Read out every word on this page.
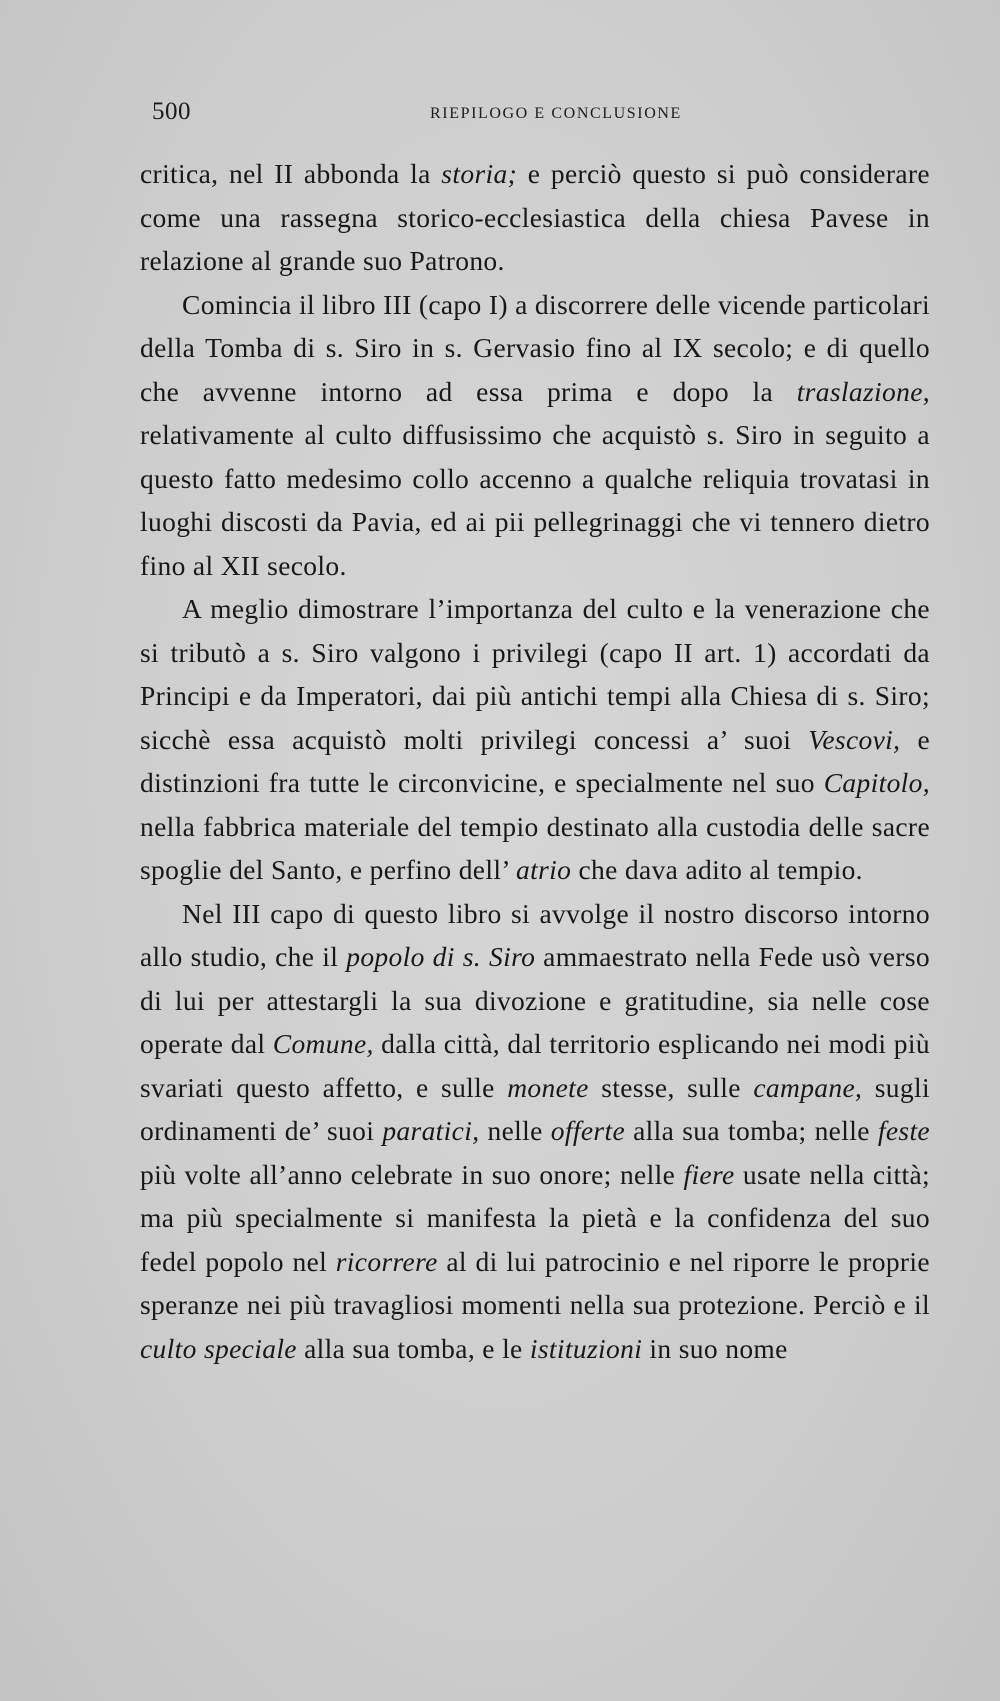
500	RIEPILOGO E CONCLUSIONE

critica, nel II abbonda la storia; e perciò questo si può considerare come una rassegna storico-ecclesiastica della chiesa Pavese in relazione al grande suo Patrono.

Comincia il libro III (capo I) a discorrere delle vicende particolari della Tomba di s. Siro in s. Gervasio fino al IX secolo; e di quello che avvenne intorno ad essa prima e dopo la traslazione, relativamente al culto diffusissimo che acquistò s. Siro in seguito a questo fatto medesimo collo accenno a qualche reliquia trovatasi in luoghi discosti da Pavia, ed ai pii pellegrinaggi che vi tennero dietro fino al XII secolo.

A meglio dimostrare l’importanza del culto e la venerazione che si tributò a s. Siro valgono i privilegi (capo II art. 1) accordati da Principi e da Imperatori, dai più antichi tempi alla Chiesa di s. Siro; sicchè essa acquistò molti privilegi concessi a’ suoi Vescovi, e distinzioni fra tutte le circonvicine, e specialmente nel suo Capitolo, nella fabbrica materiale del tempio destinato alla custodia delle sacre spoglie del Santo, e perfino dell’ atrio che dava adito al tempio.

Nel III capo di questo libro si avvolge il nostro discorso intorno allo studio, che il popolo di s. Siro ammaestrato nella Fede usò verso di lui per attestargli la sua divozione e gratitudine, sia nelle cose operate dal Comune, dalla città, dal territorio esplicando nei modi più svariati questo affetto, e sulle monete stesse, sulle campane, sugli ordinamenti de’ suoi paratici, nelle offerte alla sua tomba; nelle feste più volte all’anno celebrate in suo onore; nelle fiere usate nella città; ma più specialmente si manifesta la pietà e la confidenza del suo fedel popolo nel ricorrere al di lui patrocinio e nel riporre le proprie speranze nei più travagliosi momenti nella sua protezione. Perciò e il culto speciale alla sua tomba, e le istituzioni in suo nome
